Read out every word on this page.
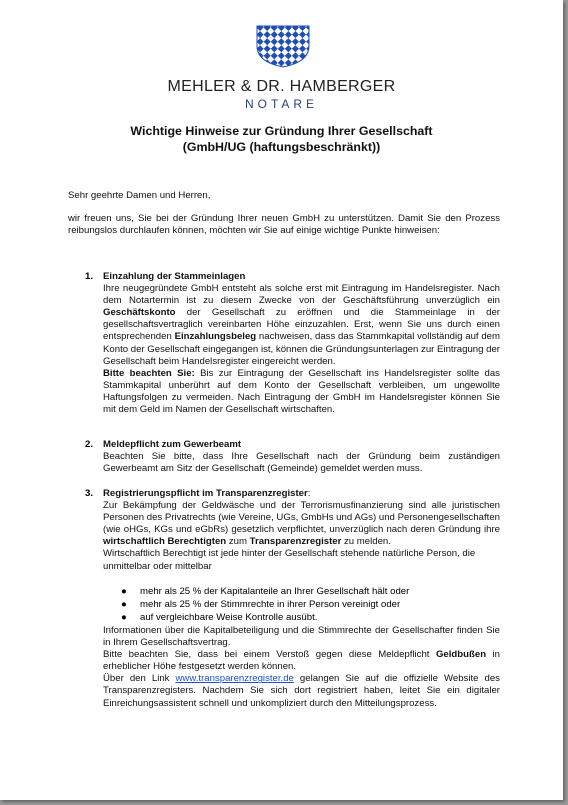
MEHLER & DR. HAMBERGER
NOTARE
Wichtige Hinweise zur Gründung Ihrer Gesellschaft
(GmbH/UG (haftungsbeschränkt))
Sehr geehrte Damen und Herren,
wir freuen uns, Sie bei der Gründung Ihrer neuen GmbH zu unterstützen. Damit Sie den Prozess reibungslos durchlaufen können, möchten wir Sie auf einige wichtige Punkte hinweisen:
1. Einzahlung der Stammeinlagen
Ihre neugegründete GmbH entsteht als solche erst mit Eintragung im Handelsregister. Nach dem Notartermin ist zu diesem Zwecke von der Geschäftsführung unverzüglich ein Geschäftskonto der Gesellschaft zu eröffnen und die Stammeinlage in der gesellschaftsvertraglich vereinbarten Höhe einzuzahlen. Erst, wenn Sie uns durch einen entsprechenden Einzahlungsbeleg nachweisen, dass das Stammkapital vollständig auf dem Konto der Gesellschaft eingegangen ist, können die Gründungsunterlagen zur Eintragung der Gesellschaft beim Handelsregister eingereicht werden.
Bitte beachten Sie: Bis zur Eintragung der Gesellschaft ins Handelsregister sollte das Stammkapital unberührt auf dem Konto der Gesellschaft verbleiben, um ungewollte Haftungsfolgen zu vermeiden. Nach Eintragung der GmbH im Handelsregister können Sie mit dem Geld im Namen der Gesellschaft wirtschaften.
2. Meldepflicht zum Gewerbeamt
Beachten Sie bitte, dass Ihre Gesellschaft nach der Gründung beim zuständigen Gewerbeamt am Sitz der Gesellschaft (Gemeinde) gemeldet werden muss.
3. Registrierungspflicht im Transparenzregister:
Zur Bekämpfung der Geldwäsche und der Terrorismusfinanzierung sind alle juristischen Personen des Privatrechts (wie Vereine, UGs, GmbHs und AGs) und Personengesellschaften (wie oHGs, KGs und eGbRs) gesetzlich verpflichtet, unverzüglich nach deren Gründung ihre wirtschaftlich Berechtigten zum Transparenzregister zu melden.
Wirtschaftlich Berechtigt ist jede hinter der Gesellschaft stehende natürliche Person, die unmittelbar oder mittelbar
● mehr als 25 % der Kapitalanteile an Ihrer Gesellschaft hält oder
● mehr als 25 % der Stimmrechte in ihrer Person vereinigt oder
● auf vergleichbare Weise Kontrolle ausübt.
Informationen über die Kapitalbeteiligung und die Stimmrechte der Gesellschafter finden Sie in Ihrem Gesellschaftsvertrag.
Bitte beachten Sie, dass bei einem Verstoß gegen diese Meldepflicht Geldbußen in erheblicher Höhe festgesetzt werden können.
Über den Link www.transparenzregister.de gelangen Sie auf die offizielle Website des Transparenzregisters. Nachdem Sie sich dort registriert haben, leitet Sie ein digitaler Einreichungsassistent schnell und unkompliziert durch den Mitteilungsprozess.
